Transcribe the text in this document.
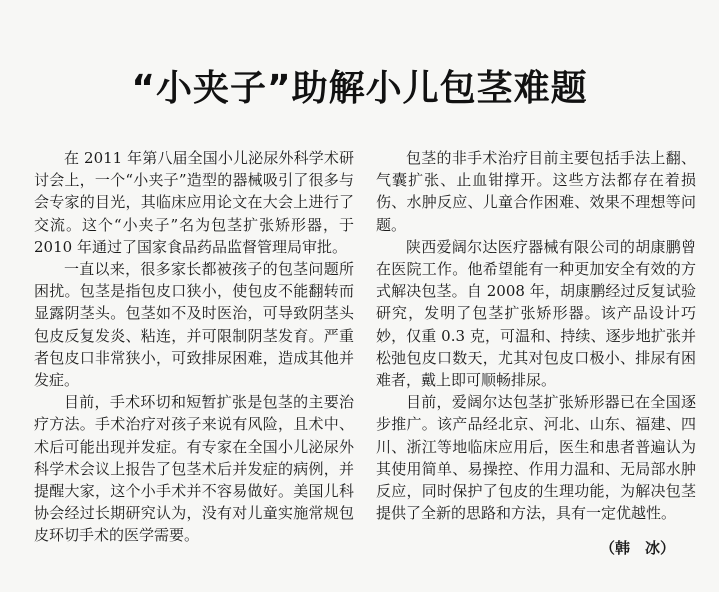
“小夹子”助解小儿包茎难题

在 2011 年第八届全国小儿泌尿外科学术研讨会上，一个“小夹子”造型的器械吸引了很多与会专家的目光，其临床应用论文在大会上进行了交流。这个“小夹子”名为包茎扩张矫形器，于 2010 年通过了国家食品药品监督管理局审批。

一直以来，很多家长都被孩子的包茎问题所困扰。包茎是指包皮口狭小，使包皮不能翻转而显露阴茎头。包茎如不及时医治，可导致阴茎头包皮反复发炎、粘连，并可限制阴茎发育。严重者包皮口非常狭小，可致排尿困难，造成其他并发症。

目前，手术环切和短暂扩张是包茎的主要治疗方法。手术治疗对孩子来说有风险，且术中、术后可能出现并发症。有专家在全国小儿泌尿外科学术会议上报告了包茎术后并发症的病例，并提醒大家，这个小手术并不容易做好。美国儿科协会经过长期研究认为，没有对儿童实施常规包皮环切手术的医学需要。

包茎的非手术治疗目前主要包括手法上翻、气囊扩张、止血钳撑开。这些方法都存在着损伤、水肿反应、儿童合作困难、效果不理想等问题。

陕西爱阔尔达医疗器械有限公司的胡康鹏曾在医院工作。他希望能有一种更加安全有效的方式解决包茎。自 2008 年，胡康鹏经过反复试验研究，发明了包茎扩张矫形器。该产品设计巧妙，仅重 0.3 克，可温和、持续、逐步地扩张并松弛包皮口数天，尤其对包皮口极小、排尿有困难者，戴上即可顺畅排尿。

目前，爱阔尔达包茎扩张矫形器已在全国逐步推广。该产品经北京、河北、山东、福建、四川、浙江等地临床应用后，医生和患者普遍认为其使用简单、易操控、作用力温和、无局部水肿反应，同时保护了包皮的生理功能，为解决包茎提供了全新的思路和方法，具有一定优越性。

（韩　冰）
